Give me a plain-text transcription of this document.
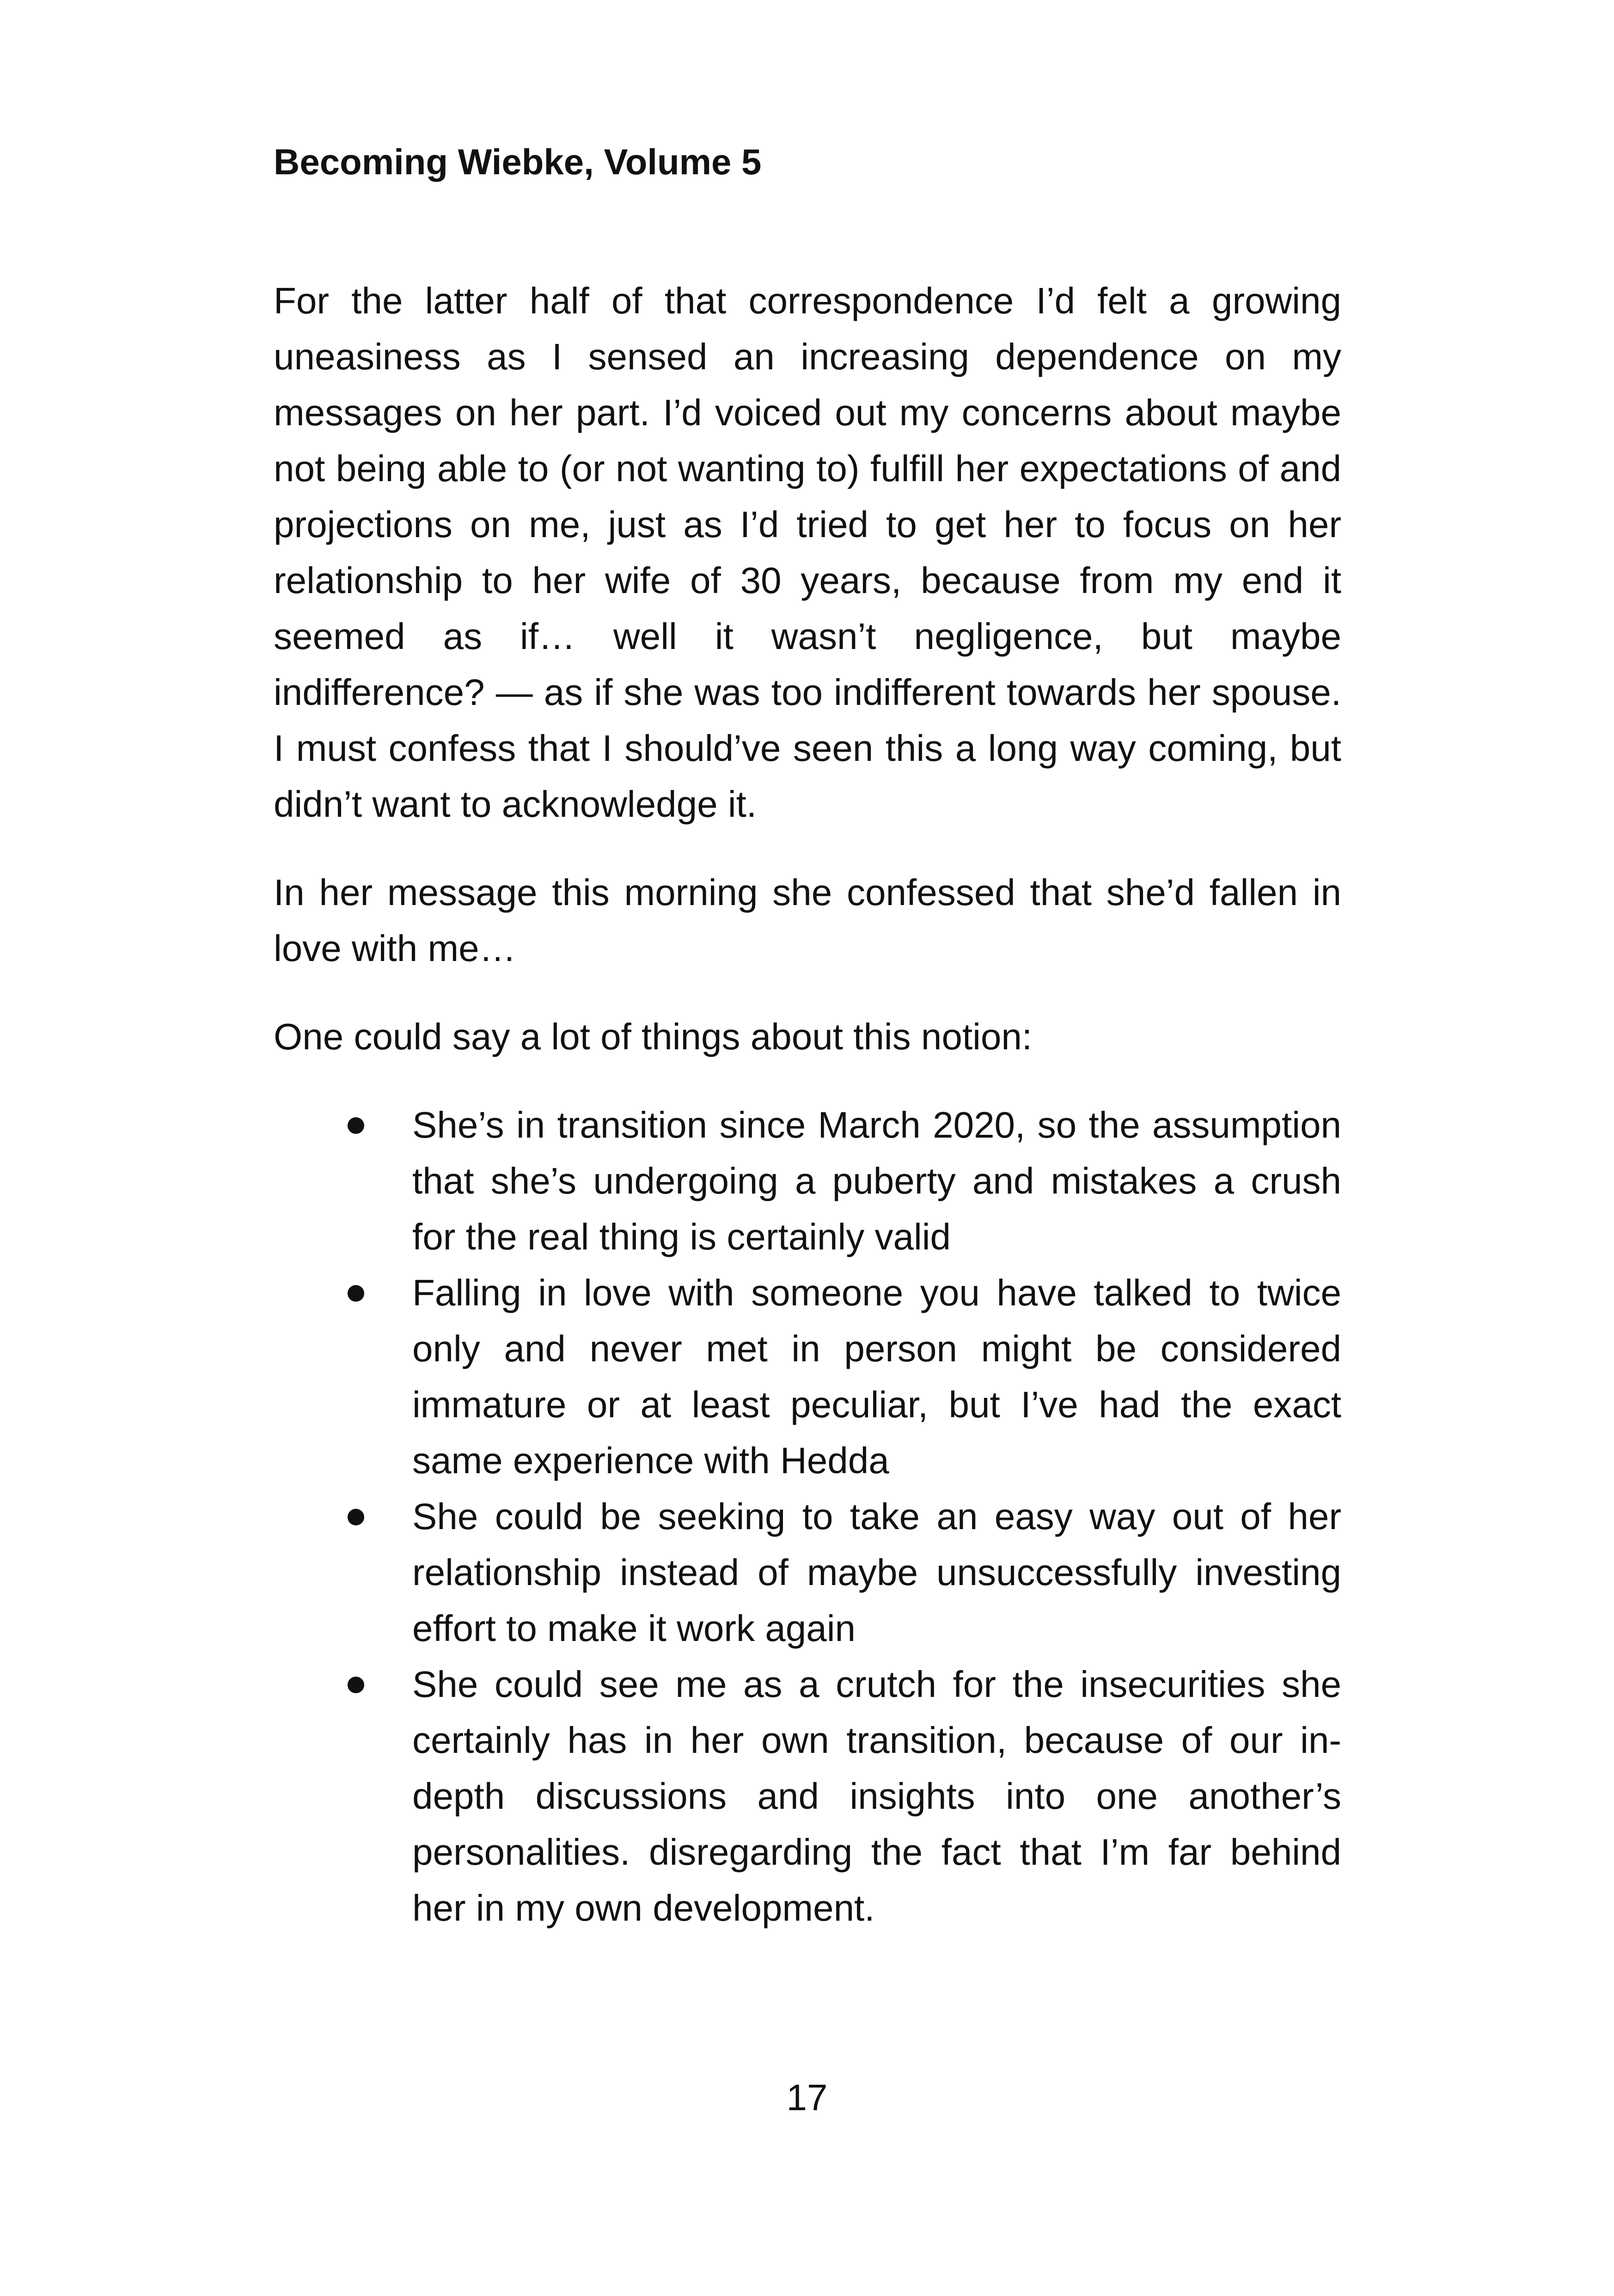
Becoming Wiebke, Volume 5

For the latter half of that correspondence I’d felt a growing uneasiness as I sensed an increasing dependence on my messages on her part. I’d voiced out my concerns about maybe not being able to (or not wanting to) fulfill her expectations of and projections on me, just as I’d tried to get her to focus on her relationship to her wife of 30 years, because from my end it seemed as if… well it wasn’t negligence, but maybe indifference? — as if she was too indifferent towards her spouse. I must confess that I should’ve seen this a long way coming, but didn’t want to acknowledge it.

In her message this morning she confessed that she’d fallen in love with me…

One could say a lot of things about this notion:

She’s in transition since March 2020, so the assumption that she’s undergoing a puberty and mistakes a crush for the real thing is certainly valid
Falling in love with someone you have talked to twice only and never met in person might be considered immature or at least peculiar, but I’ve had the exact same experience with Hedda
She could be seeking to take an easy way out of her relationship instead of maybe unsuccessfully investing effort to make it work again
She could see me as a crutch for the insecurities she certainly has in her own transition, because of our in-depth discussions and insights into one another’s personalities. disregarding the fact that I’m far behind her in my own development.
17
